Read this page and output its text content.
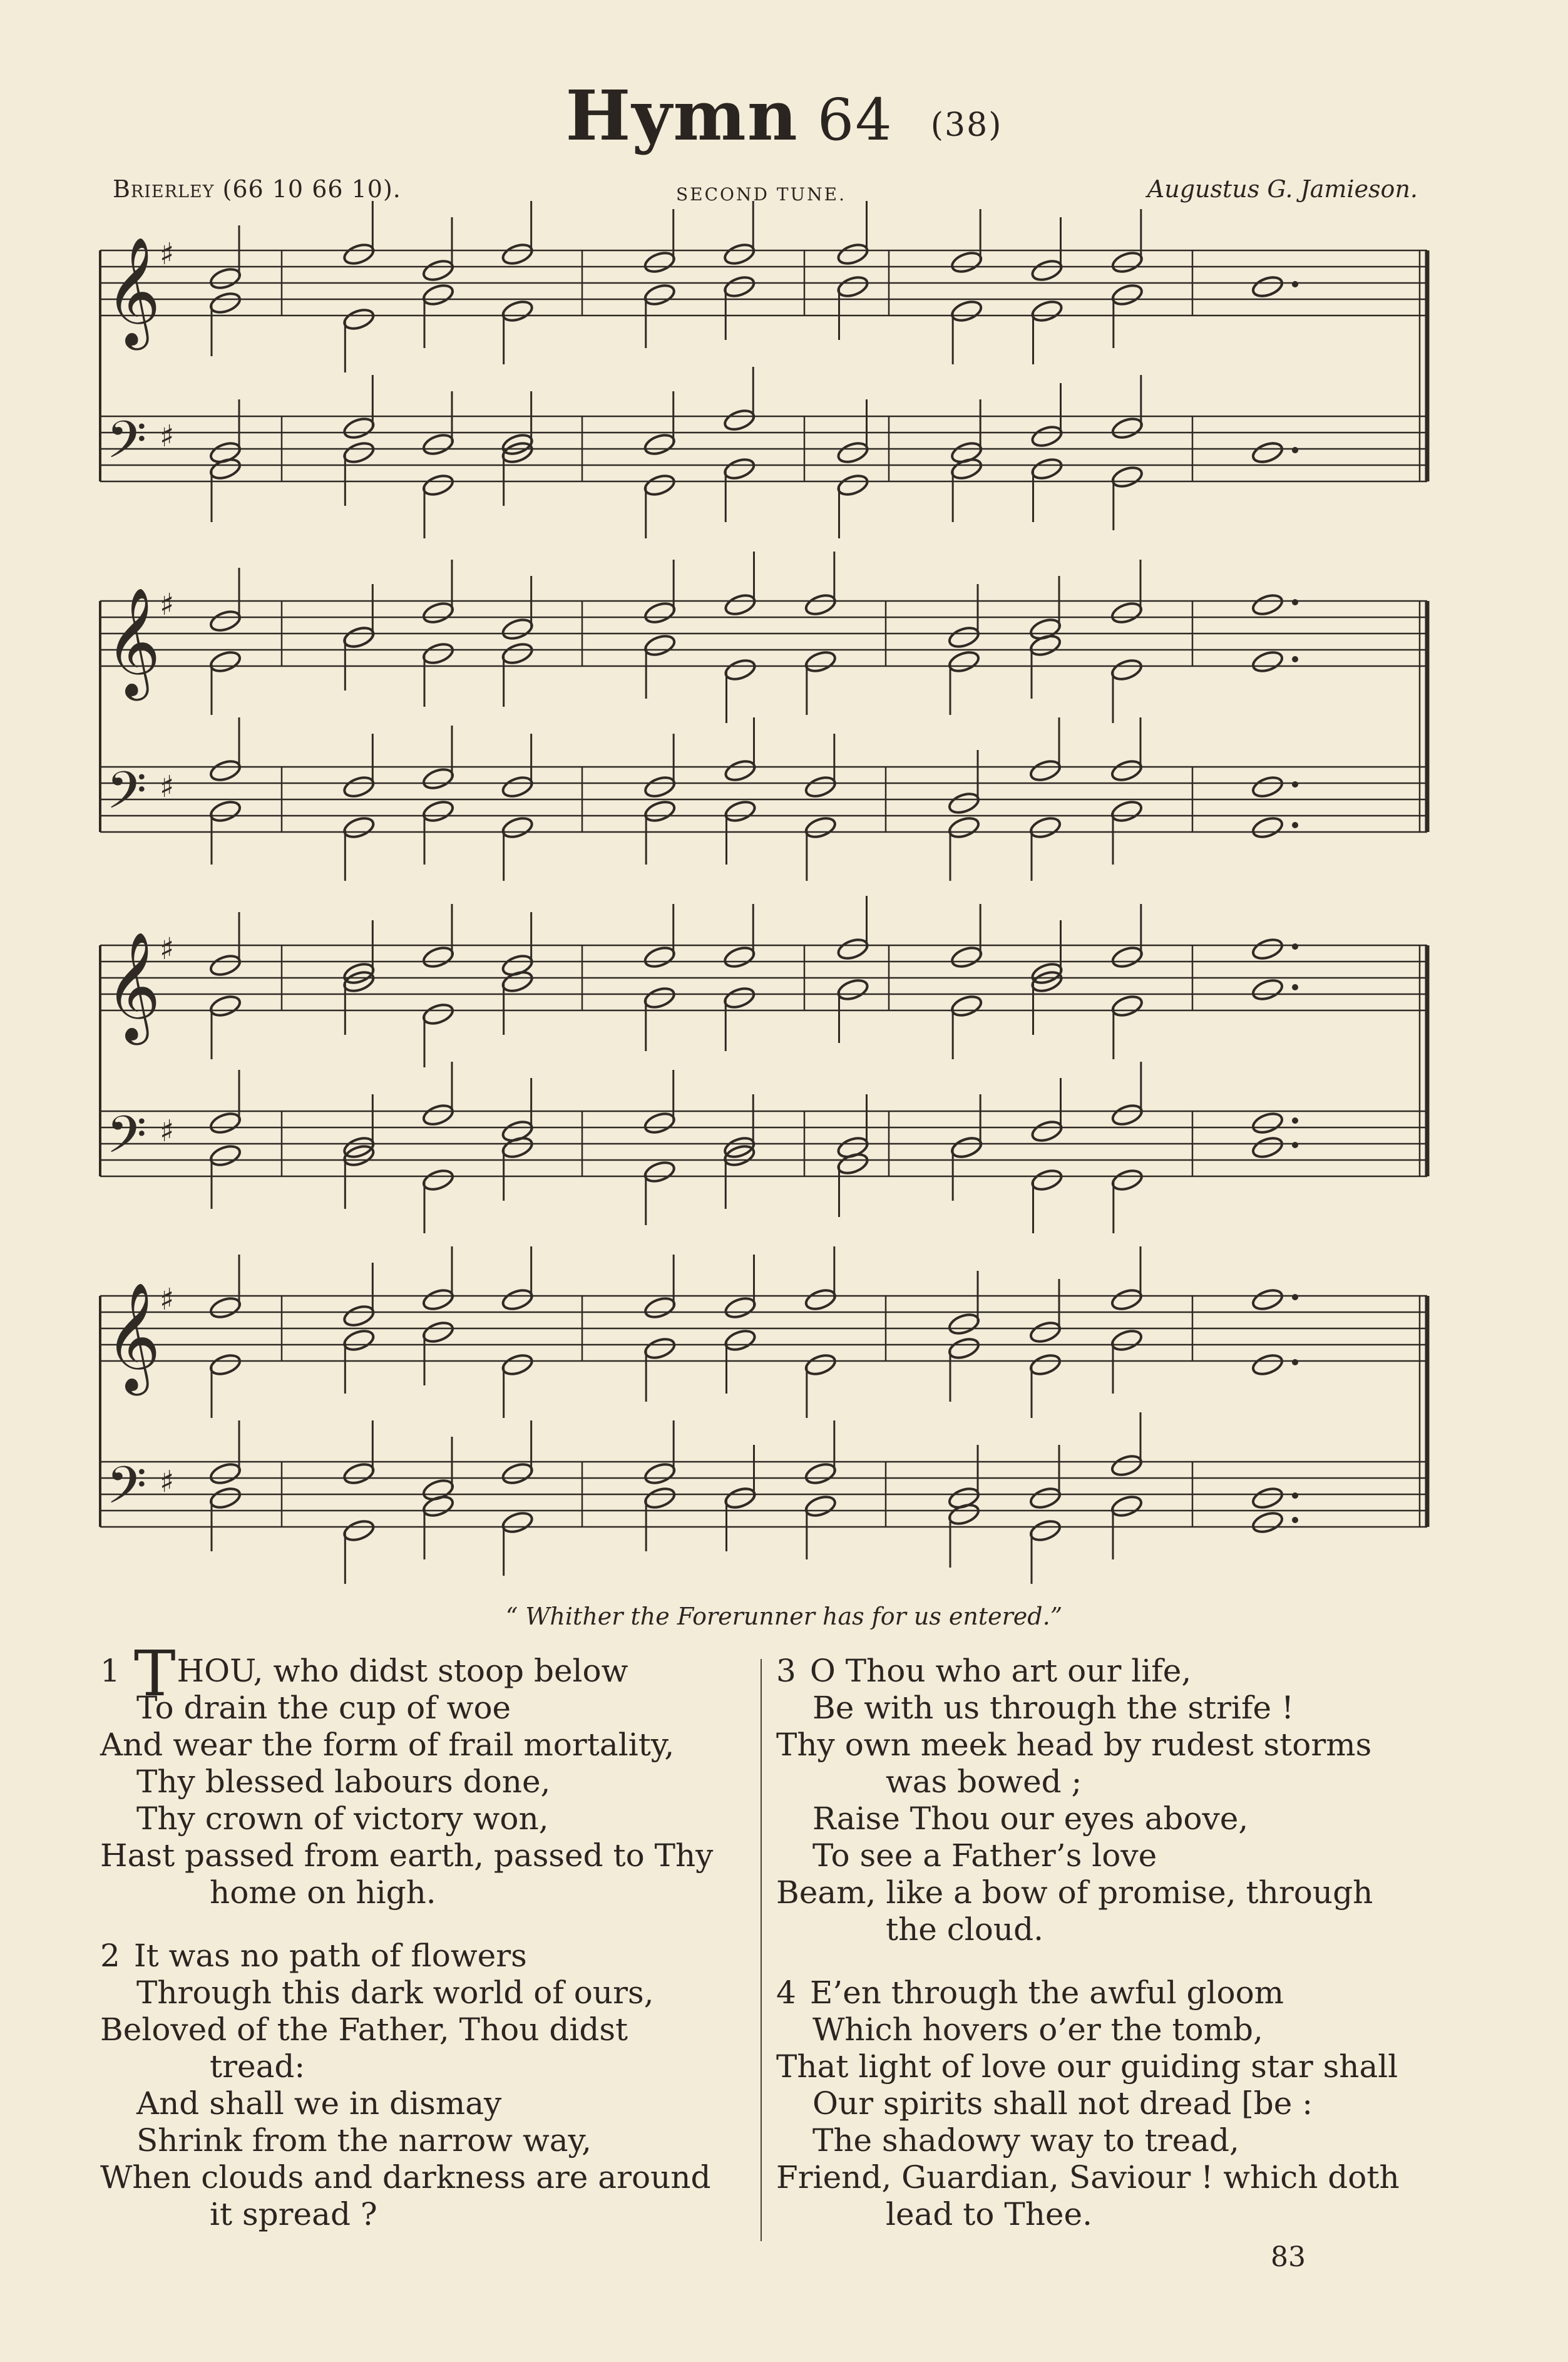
Hymn 64 (38)
Brierley (66 10 66 10).	SECOND TUNE.	Augustus G. Jamieson.
𝄞
𝄢
♯
♯
𝄞
𝄢
♯
♯
𝄞
𝄢
♯
♯
𝄞
𝄢
♯
♯
“ Whither the Forerunner has for us entered.”
1 THOU, who didst stoop below
To drain the cup of woe
And wear the form of frail mortality,
Thy blessed labours done,
Thy crown of victory won,
Hast passed from earth, passed to Thy
home on high.
2 It was no path of flowers
Through this dark world of ours,
Beloved of the Father, Thou didst
tread:
And shall we in dismay
Shrink from the narrow way,
When clouds and darkness are around
it spread ?
3 O Thou who art our life,
Be with us through the strife !
Thy own meek head by rudest storms
was bowed ;
Raise Thou our eyes above,
To see a Father’s love
Beam, like a bow of promise, through
the cloud.
4 E’en through the awful gloom
Which hovers o’er the tomb,
That light of love our guiding star shall
Our spirits shall not dread [be :
The shadowy way to tread,
Friend, Guardian, Saviour ! which doth
lead to Thee.
83
